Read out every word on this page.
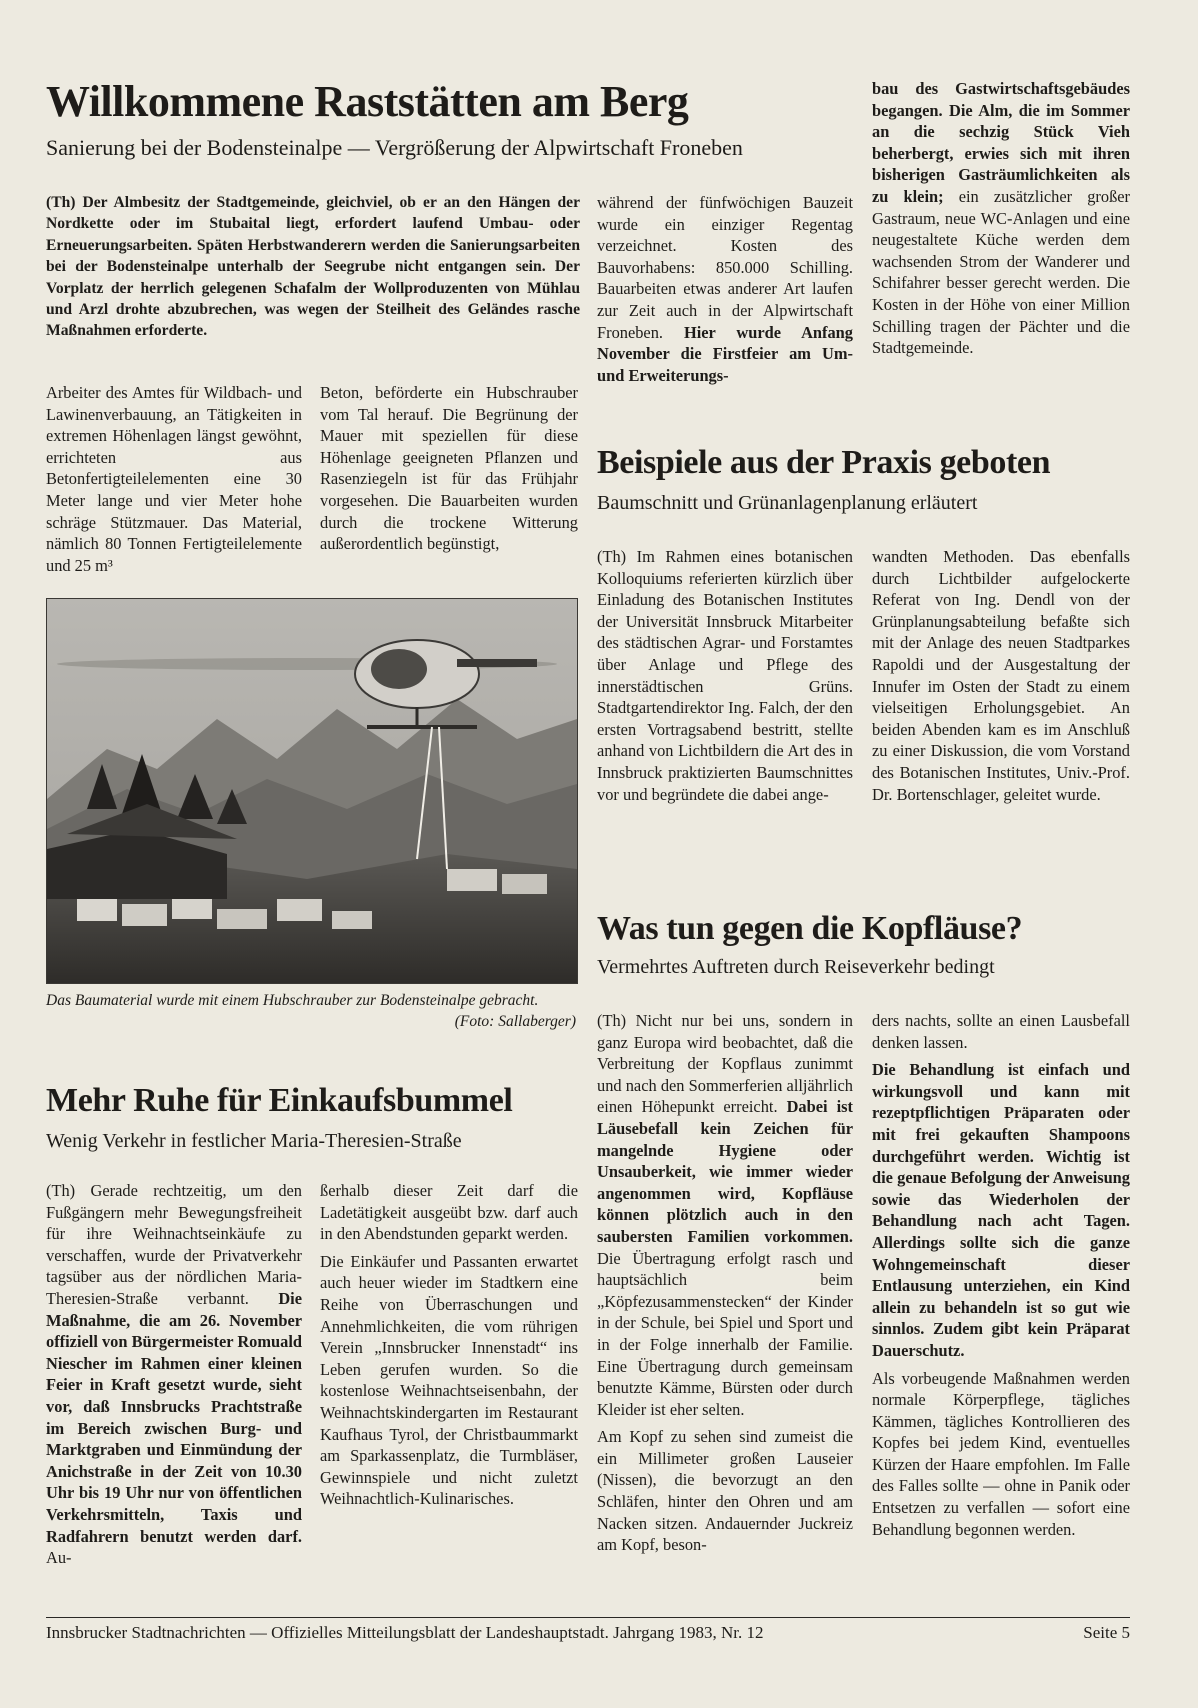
Willkommene Raststätten am Berg
Sanierung bei der Bodensteinalpe — Vergrößerung der Alpwirtschaft Froneben
(Th) Der Almbesitz der Stadtgemeinde, gleichviel, ob er an den Hängen der Nordkette oder im Stubaital liegt, erfordert laufend Umbau- oder Erneuerungsarbeiten. Späten Herbstwanderern werden die Sanierungsarbeiten bei der Bodensteinalpe unterhalb der Seegrube nicht entgangen sein. Der Vorplatz der herrlich gelegenen Schafalm der Wollproduzenten von Mühlau und Arzl drohte abzubrechen, was wegen der Steilheit des Geländes rasche Maßnahmen erforderte.
Arbeiter des Amtes für Wildbach- und Lawinenverbauung, an Tätigkeiten in extremen Höhenlagen längst gewöhnt, errichteten aus Betonfertigteilelementen eine 30 Meter lange und vier Meter hohe schräge Stützmauer. Das Material, nämlich 80 Tonnen Fertigteilelemente und 25 m³
Beton, beförderte ein Hubschrauber vom Tal herauf. Die Begrünung der Mauer mit speziellen für diese Höhenlage geeigneten Pflanzen und Rasenziegeln ist für das Frühjahr vorgesehen. Die Bauarbeiten wurden durch die trockene Witterung außerordentlich begünstigt,
während der fünfwöchigen Bauzeit wurde ein einziger Regentag verzeichnet. Kosten des Bauvorhabens: 850.000 Schilling. Bauarbeiten etwas anderer Art laufen zur Zeit auch in der Alpwirtschaft Froneben. Hier wurde Anfang November die Firstfeier am Um- und Erweiterungs-
bau des Gastwirtschaftsgebäudes begangen. Die Alm, die im Sommer an die sechzig Stück Vieh beherbergt, erwies sich mit ihren bisherigen Gasträumlichkeiten als zu klein; ein zusätzlicher großer Gastraum, neue WC-Anlagen und eine neugestaltete Küche werden dem wachsenden Strom der Wanderer und Schifahrer besser gerecht werden. Die Kosten in der Höhe von einer Million Schilling tragen der Pächter und die Stadtgemeinde.
Das Baumaterial wurde mit einem Hubschrauber zur Bodensteinalpe gebracht.
(Foto: Sallaberger)
Mehr Ruhe für Einkaufsbummel
Wenig Verkehr in festlicher Maria-Theresien-Straße
(Th) Gerade rechtzeitig, um den Fußgängern mehr Bewegungsfreiheit für ihre Weihnachtseinkäufe zu verschaffen, wurde der Privatverkehr tagsüber aus der nördlichen Maria-Theresien-Straße verbannt. Die Maßnahme, die am 26. November offiziell von Bürgermeister Romuald Niescher im Rahmen einer kleinen Feier in Kraft gesetzt wurde, sieht vor, daß Innsbrucks Prachtstraße im Bereich zwischen Burg- und Marktgraben und Einmündung der Anichstraße in der Zeit von 10.30 Uhr bis 19 Uhr nur von öffentlichen Verkehrsmitteln, Taxis und Radfahrern benutzt werden darf. Au-

ßerhalb dieser Zeit darf die Ladetätigkeit ausgeübt bzw. darf auch in den Abendstunden geparkt werden.

Die Einkäufer und Passanten erwartet auch heuer wieder im Stadtkern eine Reihe von Überraschungen und Annehmlichkeiten, die vom rührigen Verein „Innsbrucker Innenstadt“ ins Leben gerufen wurden. So die kostenlose Weihnachtseisenbahn, der Weihnachtskindergarten im Restaurant Kaufhaus Tyrol, der Christbaummarkt am Sparkassenplatz, die Turmbläser, Gewinnspiele und nicht zuletzt Weihnachtlich-Kulinarisches.

Beispiele aus der Praxis geboten
Baumschnitt und Grünanlagenplanung erläutert
(Th) Im Rahmen eines botanischen Kolloquiums referierten kürzlich über Einladung des Botanischen Institutes der Universität Innsbruck Mitarbeiter des städtischen Agrar- und Forstamtes über Anlage und Pflege des innerstädtischen Grüns. Stadtgartendirektor Ing. Falch, der den ersten Vortragsabend bestritt, stellte anhand von Lichtbildern die Art des in Innsbruck praktizierten Baumschnittes vor und begründete die dabei ange-
wandten Methoden. Das ebenfalls durch Lichtbilder aufgelockerte Referat von Ing. Dendl von der Grünplanungsabteilung befaßte sich mit der Anlage des neuen Stadtparkes Rapoldi und der Ausgestaltung der Innufer im Osten der Stadt zu einem vielseitigen Erholungsgebiet. An beiden Abenden kam es im Anschluß zu einer Diskussion, die vom Vorstand des Botanischen Institutes, Univ.-Prof. Dr. Bortenschlager, geleitet wurde.
Was tun gegen die Kopfläuse?
Vermehrtes Auftreten durch Reiseverkehr bedingt

(Th) Nicht nur bei uns, sondern in ganz Europa wird beobachtet, daß die Verbreitung der Kopflaus zunimmt und nach den Sommerferien alljährlich einen Höhepunkt erreicht. Dabei ist Läusebefall kein Zeichen für mangelnde Hygiene oder Unsauberkeit, wie immer wieder angenommen wird, Kopfläuse können plötzlich auch in den saubersten Familien vorkommen. Die Übertragung erfolgt rasch und hauptsächlich beim „Köpfezusammenstecken“ der Kinder in der Schule, bei Spiel und Sport und in der Folge innerhalb der Familie. Eine Übertragung durch gemeinsam benutzte Kämme, Bürsten oder durch Kleider ist eher selten.

Am Kopf zu sehen sind zumeist die ein Millimeter großen Lauseier (Nissen), die bevorzugt an den Schläfen, hinter den Ohren und am Nacken sitzen. Andauernder Juckreiz am Kopf, beson-

ders nachts, sollte an einen Lausbefall denken lassen.

Die Behandlung ist einfach und wirkungsvoll und kann mit rezeptpflichtigen Präparaten oder mit frei gekauften Shampoons durchgeführt werden. Wichtig ist die genaue Befolgung der Anweisung sowie das Wiederholen der Behandlung nach acht Tagen. Allerdings sollte sich die ganze Wohngemeinschaft dieser Entlausung unterziehen, ein Kind allein zu behandeln ist so gut wie sinnlos. Zudem gibt kein Präparat Dauerschutz.

Als vorbeugende Maßnahmen werden normale Körperpflege, tägliches Kämmen, tägliches Kontrollieren des Kopfes bei jedem Kind, eventuelles Kürzen der Haare empfohlen. Im Falle des Falles sollte — ohne in Panik oder Entsetzen zu verfallen — sofort eine Behandlung begonnen werden.

Innsbrucker Stadtnachrichten — Offizielles Mitteilungsblatt der Landeshauptstadt. Jahrgang 1983, Nr. 12	Seite 5
